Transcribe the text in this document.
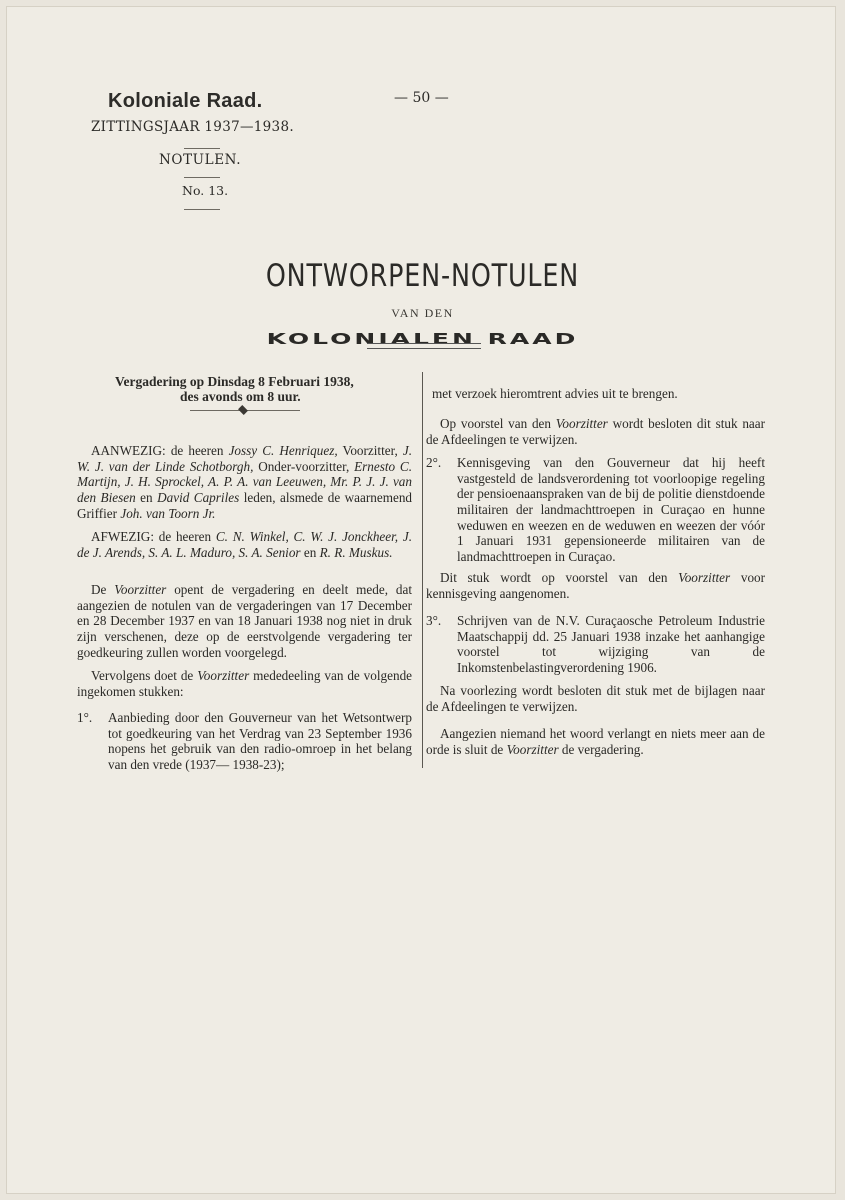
Koloniale Raad.
ZITTINGSJAAR 1937—1938.
NOTULEN.
No. 13.
— 50 —
ONTWORPEN-NOTULEN
VAN DEN
KOLONIALEN RAAD
Vergadering op Dinsdag 8 Februari 1938,
des avonds om 8 uur.

AANWEZIG: de heeren Jossy C. Henriquez, Voorzitter, J. W. J. van der Linde Schotborgh, Onder-voorzitter, Ernesto C. Martijn, J. H. Sprockel, A. P. A. van Leeuwen, Mr. P. J. J. van den Biesen en David Capriles leden, alsmede de waarnemend Griffier Joh. van Toorn Jr.

AFWEZIG: de heeren C. N. Winkel, C. W. J. Jonckheer, J. de J. Arends, S. A. L. Maduro, S. A. Senior en R. R. Muskus.

De Voorzitter opent de vergadering en deelt mede, dat aangezien de notulen van de vergaderingen van 17 December en 28 December 1937 en van 18 Januari 1938 nog niet in druk zijn verschenen, deze op de eerstvolgende vergadering ter goedkeuring zullen worden voorgelegd.

Vervolgens doet de Voorzitter mededeeling van de volgende ingekomen stukken:

1°. Aanbieding door den Gouverneur van het Wetsontwerp tot goedkeuring van het Verdrag van 23 September 1936 nopens het gebruik van den radio-omroep in het belang van den vrede (1937— 1938-23);

met verzoek hieromtrent advies uit te brengen.

Op voorstel van den Voorzitter wordt besloten dit stuk naar de Afdeelingen te verwijzen.

2°. Kennisgeving van den Gouverneur dat hij heeft vastgesteld de landsverordening tot voorloopige regeling der pensioenaanspraken van de bij de politie dienstdoende militairen der landmachttroepen in Curaçao en hunne weduwen en weezen en de weduwen en weezen der vóór 1 Januari 1931 gepensioneerde militairen van de landmachttroepen in Curaçao.

Dit stuk wordt op voorstel van den Voorzitter voor kennisgeving aangenomen.

3°. Schrijven van de N.V. Curaçaosche Petroleum Industrie Maatschappij dd. 25 Januari 1938 inzake het aanhangige voorstel tot wijziging van de Inkomstenbelastingverordening 1906.

Na voorlezing wordt besloten dit stuk met de bijlagen naar de Afdeelingen te verwijzen.

Aangezien niemand het woord verlangt en niets meer aan de orde is sluit de Voorzitter de vergadering.
